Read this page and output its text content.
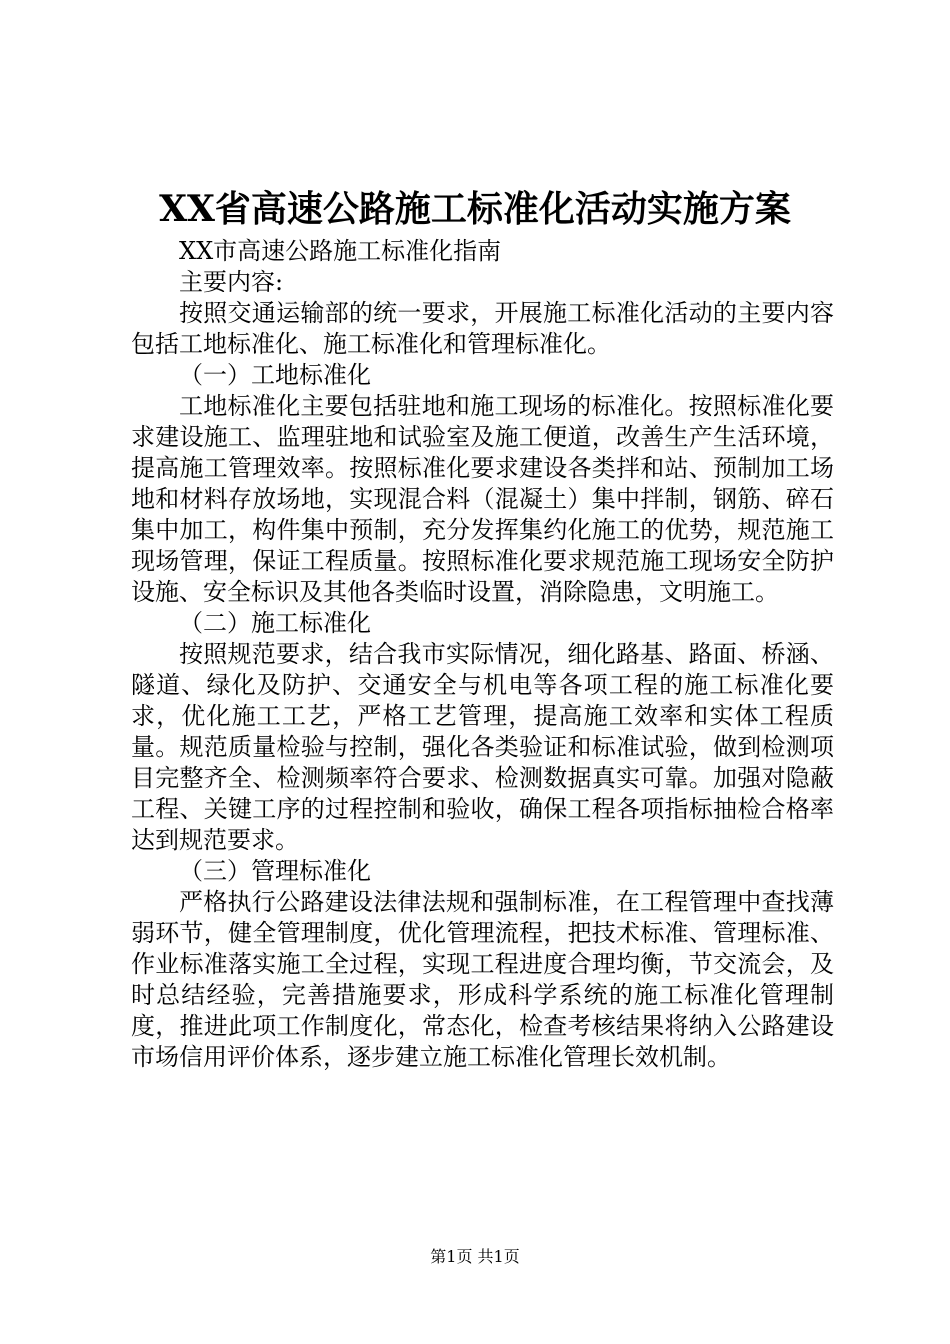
XX省高速公路施工标准化活动实施方案
XX市高速公路施工标准化指南
主要内容:
按照交通运输部的统一要求，开展施工标准化活动的主要内容包括工地标准化、施工标准化和管理标准化。
（一）工地标准化
工地标准化主要包括驻地和施工现场的标准化。按照标准化要求建设施工、监理驻地和试验室及施工便道，改善生产生活环境，提高施工管理效率。按照标准化要求建设各类拌和站、预制加工场地和材料存放场地，实现混合料（混凝土）集中拌制，钢筋、碎石集中加工，构件集中预制，充分发挥集约化施工的优势，规范施工现场管理，保证工程质量。按照标准化要求规范施工现场安全防护设施、安全标识及其他各类临时设置，消除隐患，文明施工。
（二）施工标准化
按照规范要求，结合我市实际情况，细化路基、路面、桥涵、隧道、绿化及防护、交通安全与机电等各项工程的施工标准化要求，优化施工工艺，严格工艺管理，提高施工效率和实体工程质量。规范质量检验与控制，强化各类验证和标准试验，做到检测项目完整齐全、检测频率符合要求、检测数据真实可靠。加强对隐蔽工程、关键工序的过程控制和验收，确保工程各项指标抽检合格率达到规范要求。
（三）管理标准化
严格执行公路建设法律法规和强制标准，在工程管理中查找薄弱环节，健全管理制度，优化管理流程，把技术标准、管理标准、作业标准落实施工全过程，实现工程进度合理均衡，节交流会，及时总结经验，完善措施要求，形成科学系统的施工标准化管理制度，推进此项工作制度化，常态化，检查考核结果将纳入公路建设市场信用评价体系，逐步建立施工标准化管理长效机制。
第1页 共1页
